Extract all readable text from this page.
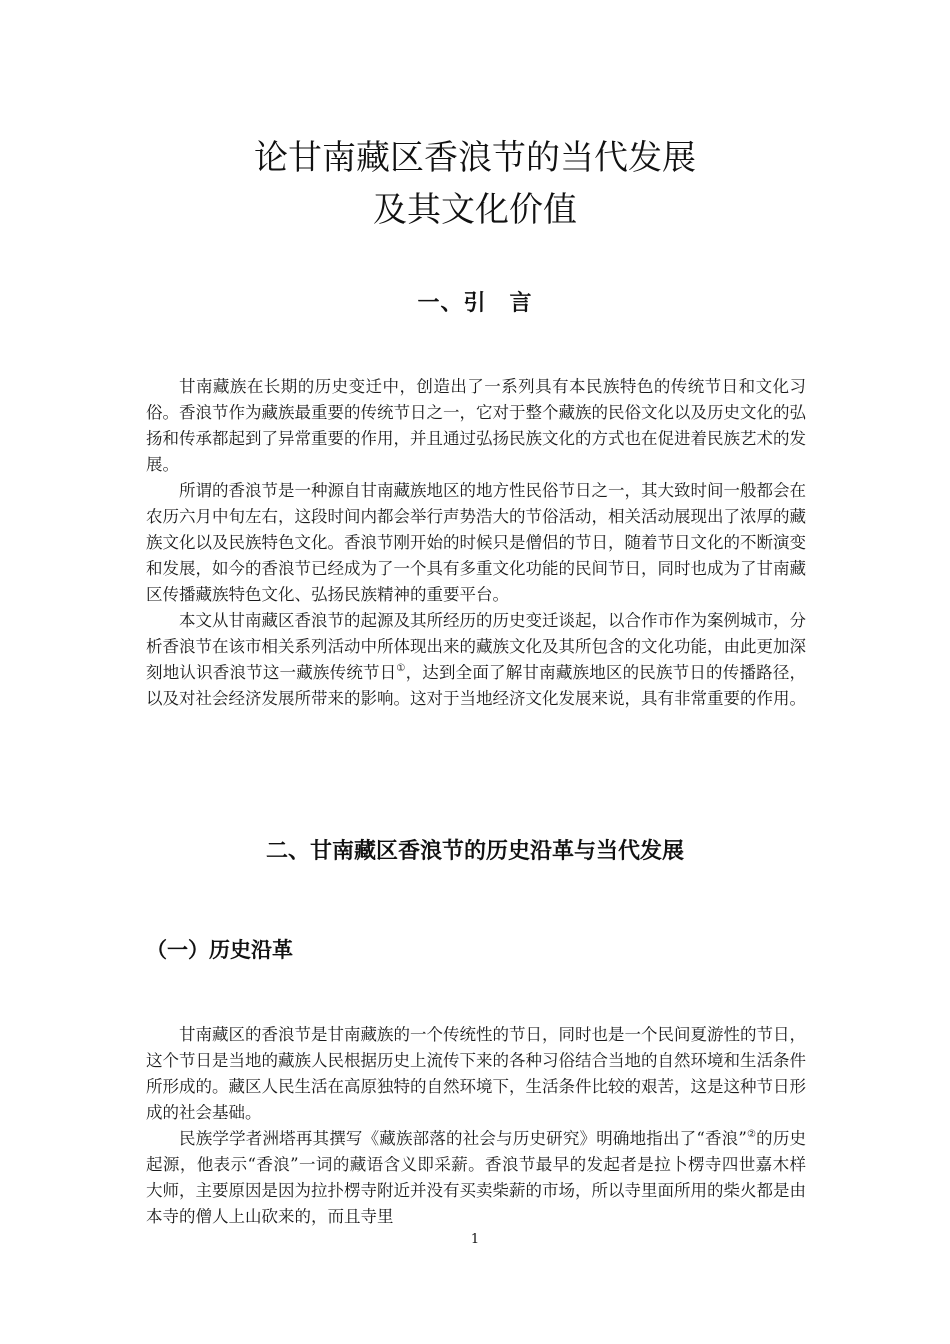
论甘南藏区香浪节的当代发展
及其文化价值
一、引　言

甘南藏族在长期的历史变迁中，创造出了一系列具有本民族特色的传统节日和文化习俗。香浪节作为藏族最重要的传统节日之一，它对于整个藏族的民俗文化以及历史文化的弘扬和传承都起到了异常重要的作用，并且通过弘扬民族文化的方式也在促进着民族艺术的发展。

所谓的香浪节是一种源自甘南藏族地区的地方性民俗节日之一，其大致时间一般都会在农历六月中旬左右，这段时间内都会举行声势浩大的节俗活动，相关活动展现出了浓厚的藏族文化以及民族特色文化。香浪节刚开始的时候只是僧侣的节日，随着节日文化的不断演变和发展，如今的香浪节已经成为了一个具有多重文化功能的民间节日，同时也成为了甘南藏区传播藏族特色文化、弘扬民族精神的重要平台。

本文从甘南藏区香浪节的起源及其所经历的历史变迁谈起，以合作市作为案例城市，分析香浪节在该市相关系列活动中所体现出来的藏族文化及其所包含的文化功能，由此更加深刻地认识香浪节这一藏族传统节日①，达到全面了解甘南藏族地区的民族节日的传播路径，以及对社会经济发展所带来的影响。这对于当地经济文化发展来说，具有非常重要的作用。

二、甘南藏区香浪节的历史沿革与当代发展
（一）历史沿革

甘南藏区的香浪节是甘南藏族的一个传统性的节日，同时也是一个民间夏游性的节日，这个节日是当地的藏族人民根据历史上流传下来的各种习俗结合当地的自然环境和生活条件所形成的。藏区人民生活在高原独特的自然环境下，生活条件比较的艰苦，这是这种节日形成的社会基础。

民族学学者洲塔再其撰写《藏族部落的社会与历史研究》明确地指出了“香浪”②的历史起源，他表示“香浪”一词的藏语含义即采薪。香浪节最早的发起者是拉卜楞寺四世嘉木样大师，主要原因是因为拉扑楞寺附近并没有买卖柴薪的市场，所以寺里面所用的柴火都是由本寺的僧人上山砍来的，而且寺里

1
